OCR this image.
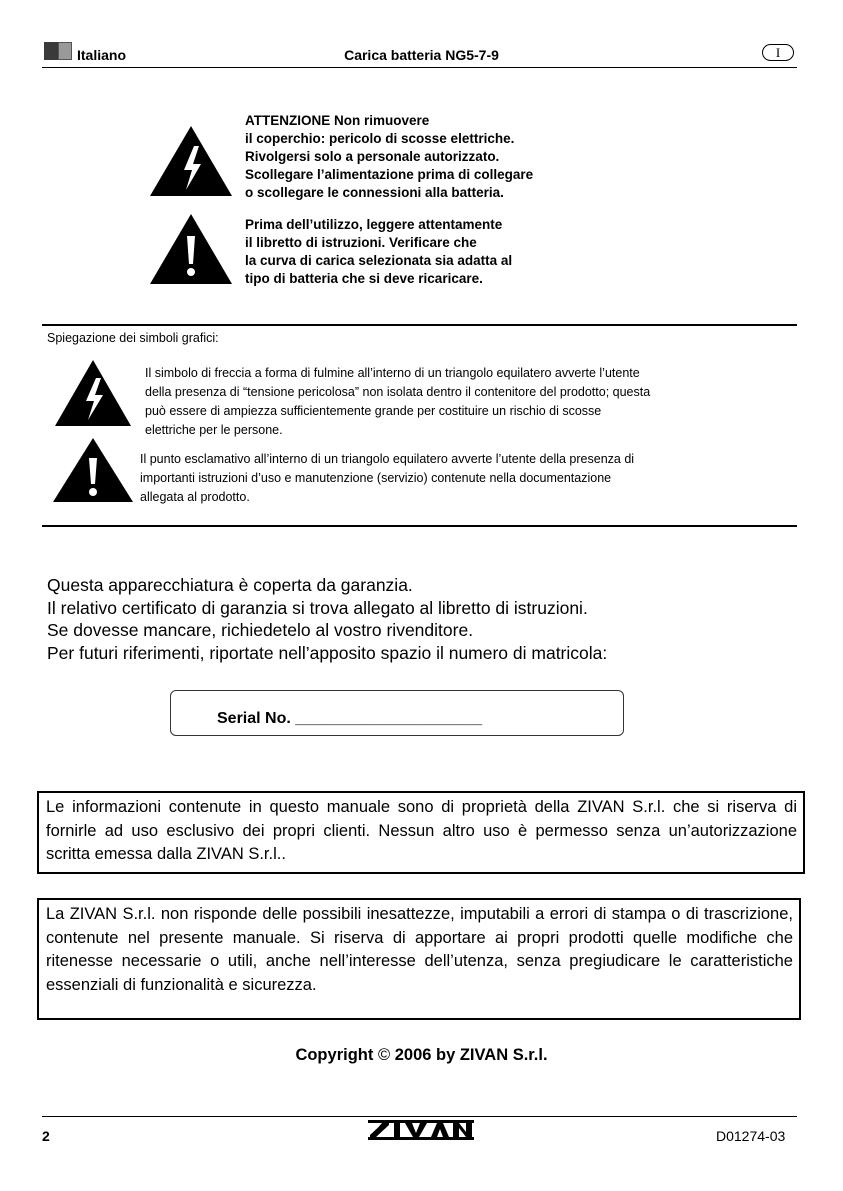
Italiano	Carica batteria NG5-7-9	I
ATTENZIONE Non rimuovere
il coperchio: pericolo di scosse elettriche.
Rivolgersi solo a personale autorizzato.
Scollegare l’alimentazione prima di collegare
o scollegare le connessioni alla batteria.
Prima dell’utilizzo, leggere attentamente
il libretto di istruzioni. Verificare che
la curva di carica selezionata sia adatta al
tipo di batteria che si deve ricaricare.
Spiegazione dei simboli grafici:
Il simbolo di freccia a forma di fulmine all’interno di un triangolo equilatero avverte l’utente
della presenza di “tensione pericolosa” non isolata dentro il contenitore del prodotto; questa
può essere di ampiezza sufficientemente grande per costituire un rischio di scosse
elettriche per le persone.
Il punto esclamativo all’interno di un triangolo equilatero avverte l’utente della presenza di
importanti istruzioni d’uso e manutenzione (servizio) contenute nella documentazione
allegata al prodotto.
Questa apparecchiatura è coperta da garanzia.
Il relativo certificato di garanzia si trova allegato al libretto di istruzioni.
Se dovesse mancare, richiedetelo al vostro rivenditore.
Per futuri riferimenti, riportate nell’apposito spazio il numero di matricola:
Serial No. _____________________
Le informazioni contenute in questo manuale sono di proprietà della ZIVAN S.r.l. che si riserva di fornirle ad uso esclusivo dei propri clienti. Nessun altro uso è permesso senza un’autorizzazione scritta emessa dalla ZIVAN S.r.l..
La ZIVAN S.r.l. non risponde delle possibili inesattezze, imputabili a errori di stampa o di trascrizione, contenute nel presente manuale. Si riserva di apportare ai propri prodotti quelle modifiche che ritenesse necessarie o utili, anche nell’interesse dell’utenza, senza pregiudicare le caratteristiche essenziali di funzionalità e sicurezza.
Copyright © 2006 by ZIVAN S.r.l.
2	D01274-03
